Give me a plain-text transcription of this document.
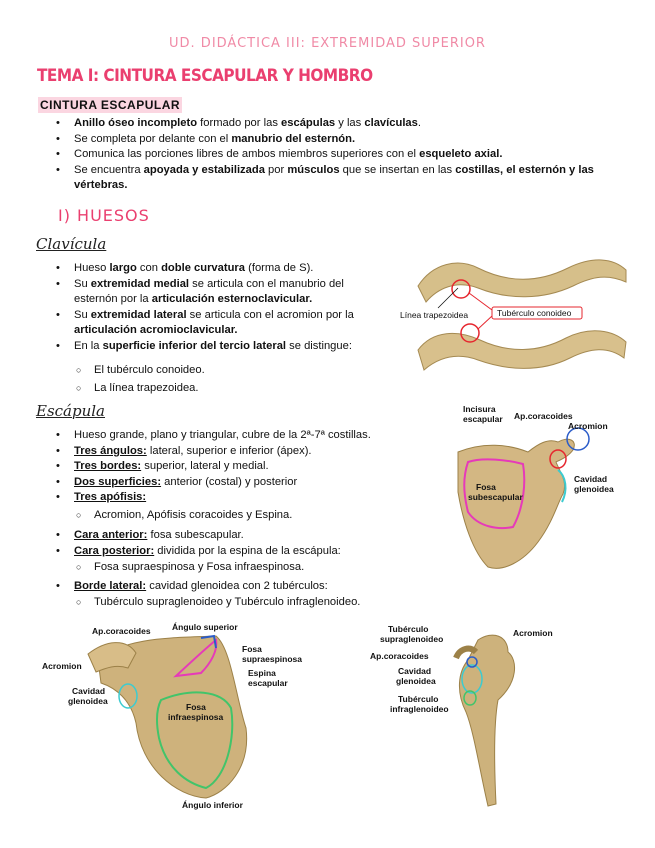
UD. DIDÁCTICA III: EXTREMIDAD SUPERIOR
TEMA I: CINTURA ESCAPULAR Y HOMBRO
CINTURA ESCAPULAR
• Anillo óseo incompleto formado por las escápulas y las clavículas.
• Se completa por delante con el manubrio del esternón.
• Comunica las porciones libres de ambos miembros superiores con el esqueleto axial.
• Se encuentra apoyada y estabilizada por músculos que se insertan en las costillas, el esternón y las vértebras.
I) HUESOS
Clavícula
• Hueso largo con doble curvatura (forma de S).
• Su extremidad medial se articula con el manubrio del esternón por la articulación esternoclavicular.
• Su extremidad lateral se articula con el acromion por la articulación acromioclavicular.
• En la superficie inferior del tercio lateral se distingue:
○ El tubérculo conoideo.
○ La línea trapezoidea.
Escápula
• Hueso grande, plano y triangular, cubre de la 2ª-7ª costillas.
• Tres ángulos: lateral, superior e inferior (ápex).
• Tres bordes: superior, lateral y medial.
• Dos superficies: anterior (costal) y posterior
• Tres apófisis:
○ Acromion, Apófisis coracoides y Espina.
• Cara anterior: fosa subescapular.
• Cara posterior: dividida por la espina de la escápula:
○ Fosa supraespinosa y Fosa infraespinosa.
• Borde lateral: cavidad glenoidea con 2 tubérculos:
○ Tubérculo supraglenoideo y Tubérculo infraglenoideo.
Línea trapezoidea	Tubérculo conoideo
Incisura
escapular Ap.coracoides
Acromion
Fosa
subescapular
Cavidad
glenoidea
Ap.coracoides	Ángulo superior
Acromion
Fosa
supraespinosa
Espina
escapular
Cavidad
glenoidea
Fosa
infraespinosa
Ángulo inferior
Tubérculo
supraglenoideo
Acromion
Ap.coracoides
Cavidad
glenoidea
Tubérculo
infraglenoideo
